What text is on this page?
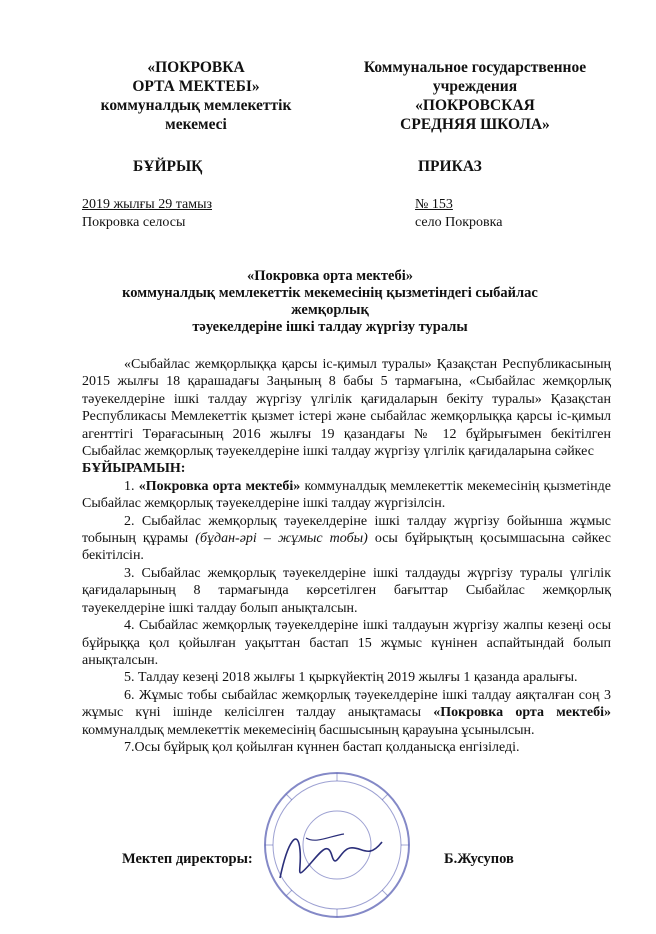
«ПОКРОВКА
ОРТА МЕКТЕБІ»
коммуналдық мемлекеттік
мекемесі
Коммунальное государственное
учреждения
«ПОКРОВСКАЯ
СРЕДНЯЯ ШКОЛА»
БҰЙРЫҚ	ПРИКАЗ
2019 жылғы 29 тамыз
Покровка селосы
№ 153
село Покровка
«Покровка орта мектебі»
коммуналдық мемлекеттік мекемесінің қызметіндегі сыбайлас
жемқорлық
тәуекелдеріне ішкі талдау жүргізу туралы

«Сыбайлас жемқорлыққа қарсы іс-қимыл туралы» Қазақстан Республикасының 2015 жылғы 18 қарашадағы Заңының 8 бабы 5 тармағына, «Сыбайлас жемқорлық тәуекелдеріне ішкі талдау жүргізу үлгілік қағидаларын бекіту туралы» Қазақстан Республикасы Мемлекеттік қызмет істері және сыбайлас жемқорлыққа қарсы іс-қимыл агенттігі Төрағасының 2016 жылғы 19 қазандағы № 12 бұйрығымен бекітілген Сыбайлас жемқорлық тәуекелдеріне ішкі талдау жүргізу үлгілік қағидаларына сәйкес

БҰЙЫРАМЫН:

1. «Покровка орта мектебі» коммуналдық мемлекеттік мекемесінің қызметінде Сыбайлас жемқорлық тәуекелдеріне ішкі талдау жүргізілсін.

2. Сыбайлас жемқорлық тәуекелдеріне ішкі талдау жүргізу бойынша жұмыс тобының құрамы (бұдан-әрі – жұмыс тобы) осы бұйрықтың қосымшасына сәйкес бекітілсін.

3. Сыбайлас жемқорлық тәуекелдеріне ішкі талдауды жүргізу туралы үлгілік қағидаларының 8 тармағында көрсетілген бағыттар Сыбайлас жемқорлық тәуекелдеріне ішкі талдау болып анықталсын.

4. Сыбайлас жемқорлық тәуекелдеріне ішкі талдауын жүргізу жалпы кезеңі осы бұйрыққа қол қойылған уақыттан бастап 15 жұмыс күнінен аспайтындай болып анықталсын.

5. Талдау кезеңі 2018 жылғы 1 қыркүйектің 2019 жылғы 1 қазанда аралығы.

6. Жұмыс тобы сыбайлас жемқорлық тәуекелдеріне ішкі талдау аяқталған соң 3 жұмыс күні ішінде келісілген талдау анықтамасы «Покровка орта мектебі» коммуналдық мемлекеттік мекемесінің басшысының қарауына ұсынылсын.

7.Осы бұйрық қол қойылған күннен бастап қолданысқа енгізіледі.

Мектеп директоры:	Б.Жусупов
